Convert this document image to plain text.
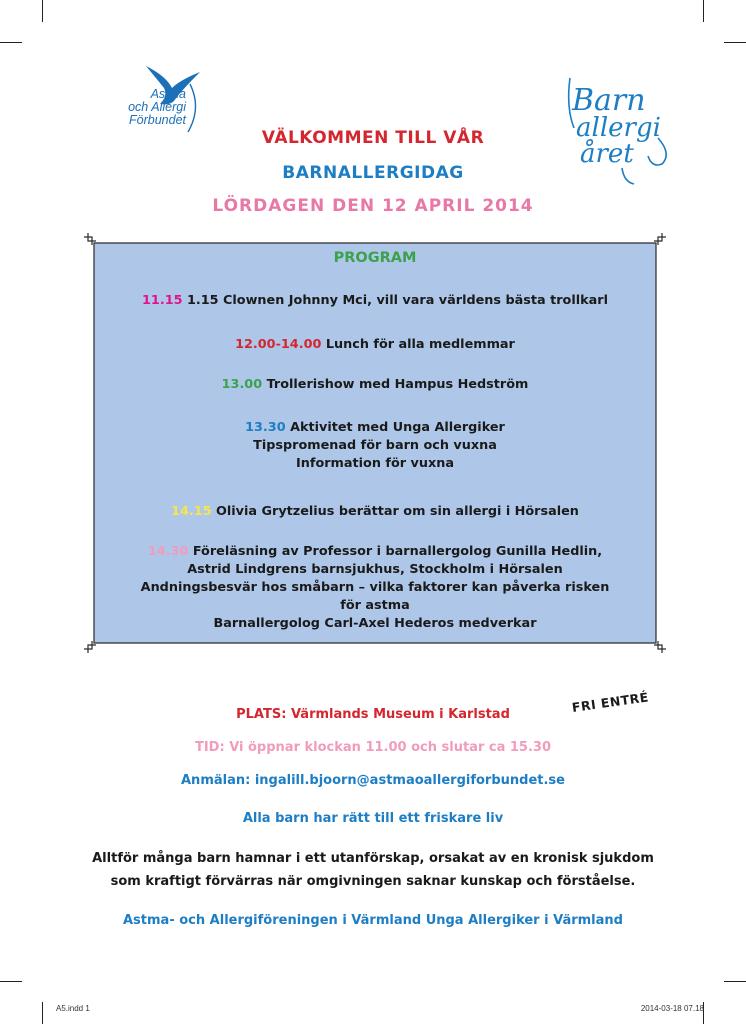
Astma
och Allergi
Förbundet
Barn
allergi
året
VÄLKOMMEN TILL VÅR
BARNALLERGIDAG
LÖRDAGEN DEN 12 APRIL 2014
PROGRAM
11.15 1.15 Clownen Johnny Mci, vill vara världens bästa trollkarl
12.00-14.00 Lunch för alla medlemmar
13.00 Trollerishow med Hampus Hedström
13.30 Aktivitet med Unga Allergiker
Tipspromenad för barn och vuxna
Information för vuxna
14.15 Olivia Grytzelius berättar om sin allergi i Hörsalen
14.30 Föreläsning av Professor i barnallergolog Gunilla Hedlin,
Astrid Lindgrens barnsjukhus, Stockholm i Hörsalen
Andningsbesvär hos småbarn – vilka faktorer kan påverka risken
för astma
Barnallergolog Carl-Axel Hederos medverkar
PLATS: Värmlands Museum i Karlstad	FRI ENTRÉ
TID: Vi öppnar klockan 11.00 och slutar ca 15.30
Anmälan: ingalill.bjoorn@astmaoallergiforbundet.se
Alla barn har rätt till ett friskare liv
Alltför många barn hamnar i ett utanförskap, orsakat av en kronisk sjukdom
som kraftigt förvärras när omgivningen saknar kunskap och förståelse.
Astma- och Allergiföreningen i Värmland Unga Allergiker i Värmland
A5.indd 1	2014-03-18 07.18
